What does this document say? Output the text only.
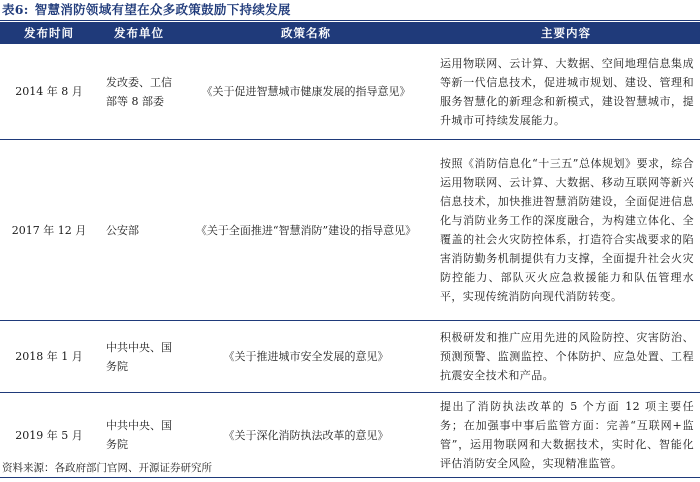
表6: 智慧消防领域有望在众多政策鼓励下持续发展
发布时间	发布单位	政策名称	主要内容
2014 年 8 月	发改委、工信部等 8 部委	《关于促进智慧城市健康发展的指导意见》	运用物联网、云计算、大数据、空间地理信息集成等新一代信息技术，促进城市规划、建设、管理和服务智慧化的新理念和新模式，建设智慧城市，提升城市可持续发展能力。
2017 年 12 月	公安部	《关于全面推进“智慧消防”建设的指导意见》	按照《消防信息化“十三五”总体规划》要求，综合运用物联网、云计算、大数据、移动互联网等新兴信息技术，加快推进智慧消防建设，全面促进信息化与消防业务工作的深度融合，为构建立体化、全覆盖的社会火灾防控体系，打造符合实战要求的陷害消防勤务机制提供有力支撑，全面提升社会火灾防控能力、部队灭火应急救援能力和队伍管理水平，实现传统消防向现代消防转变。
2018 年 1 月	中共中央、国务院	《关于推进城市安全发展的意见》	积极研发和推广应用先进的风险防控、灾害防治、预测预警、监测监控、个体防护、应急处置、工程抗震安全技术和产品。
2019 年 5 月	中共中央、国务院	《关于深化消防执法改革的意见》	提出了消防执法改革的 5 个方面 12 项主要任务；在加强事中事后监管方面：完善“互联网+监管”，运用物联网和大数据技术，实时化、智能化评估消防安全风险，实现精准监管。
资料来源：各政府部门官网、开源证券研究所
